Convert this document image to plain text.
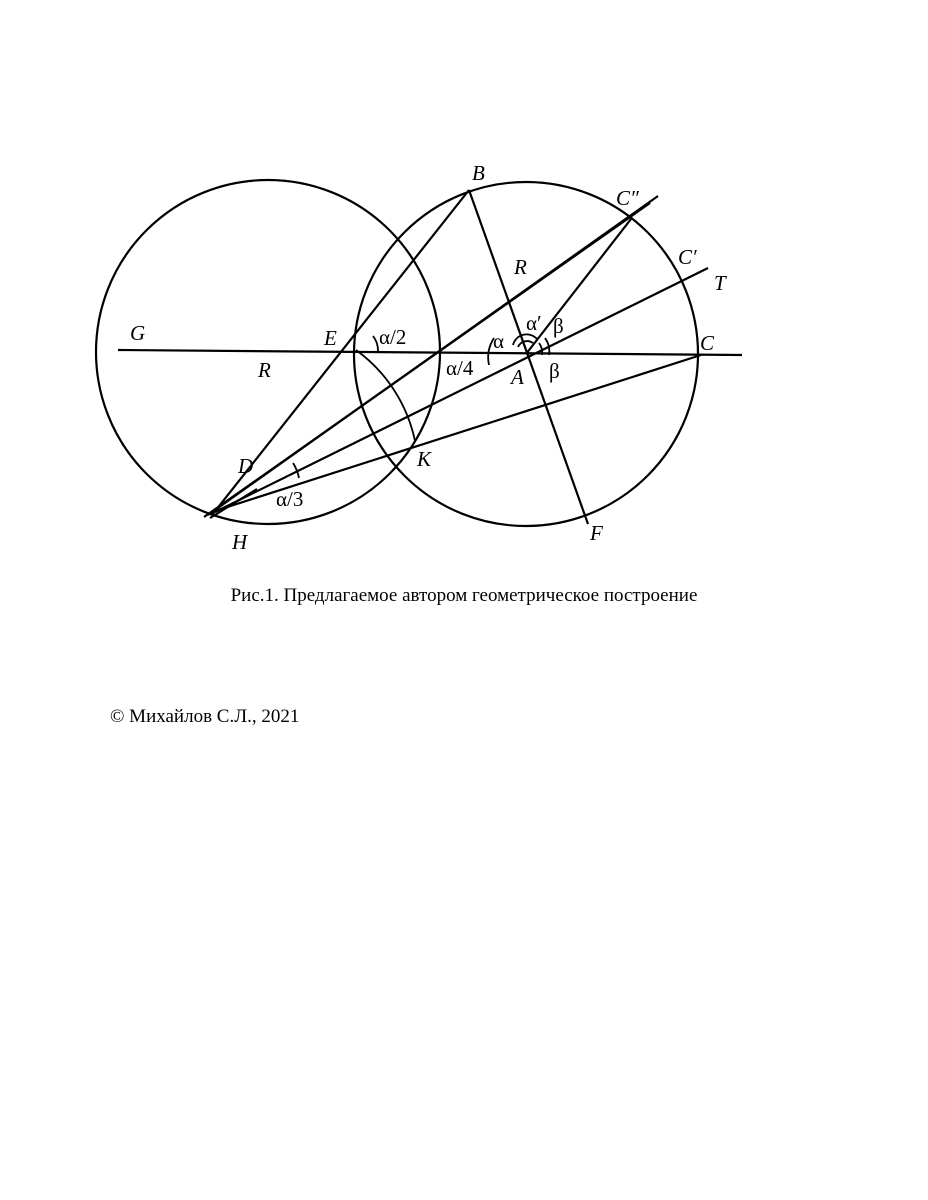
B
C″
C′
T
C
G	E
A
K
D
H	F
R
R
α/2
α/4
α/3
α
α′ β
β
Рис.1. Предлагаемое автором геометрическое построение
© Михайлов С.Л., 2021
